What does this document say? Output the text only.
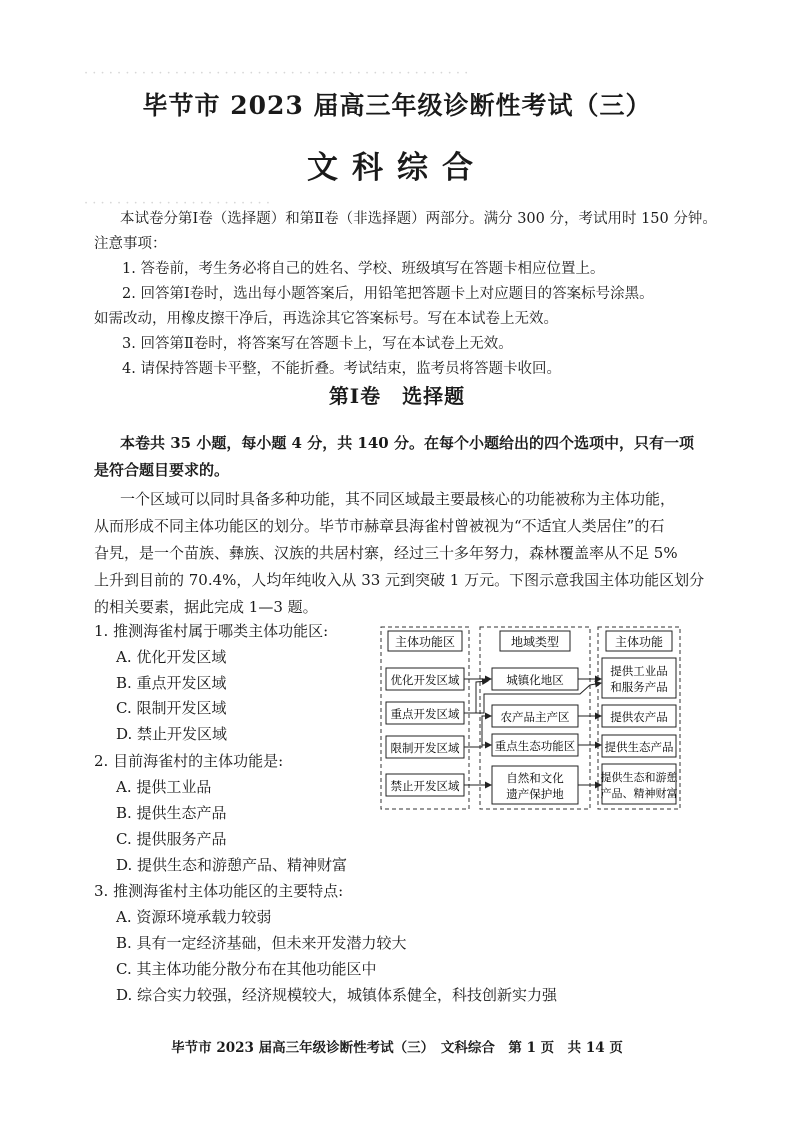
· · · · · · · · · · · · · · · · · · · · · · · · · · · · · · · · · · · · · · · · · · · · · · ·
· · · · · · · · · · · · · · · · · · · · · · ·
毕节市 2023 届高三年级诊断性考试（三）
文科综合
本试卷分第Ⅰ卷（选择题）和第Ⅱ卷（非选择题）两部分。满分 300 分，考试用时 150 分钟。
注意事项：
1. 答卷前，考生务必将自己的姓名、学校、班级填写在答题卡相应位置上。
2. 回答第Ⅰ卷时，选出每小题答案后，用铅笔把答题卡上对应题目的答案标号涂黑。
如需改动，用橡皮擦干净后，再选涂其它答案标号。写在本试卷上无效。
3. 回答第Ⅱ卷时，将答案写在答题卡上，写在本试卷上无效。
4. 请保持答题卡平整，不能折叠。考试结束，监考员将答题卡收回。
第Ⅰ卷　选择题
本卷共 35 小题，每小题 4 分，共 140 分。在每个小题给出的四个选项中，只有一项
是符合题目要求的。
一个区域可以同时具备多种功能，其不同区域最主要最核心的功能被称为主体功能，
从而形成不同主体功能区的划分。毕节市赫章县海雀村曾被视为“不适宜人类居住”的石
旮旯，是一个苗族、彝族、汉族的共居村寨，经过三十多年努力，森林覆盖率从不足 5%
上升到目前的 70.4%，人均年纯收入从 33 元到突破 1 万元。下图示意我国主体功能区划分
的相关要素，据此完成 1—3 题。
1. 推测海雀村属于哪类主体功能区:
A. 优化开发区域
B. 重点开发区域
C. 限制开发区域
D. 禁止开发区域
2. 目前海雀村的主体功能是:
A. 提供工业品
B. 提供生态产品
C. 提供服务产品
D. 提供生态和游憩产品、精神财富
3. 推测海雀村主体功能区的主要特点:
A. 资源环境承载力较弱
B. 具有一定经济基础，但未来开发潜力较大
C. 其主体功能分散分布在其他功能区中
D. 综合实力较强，经济规模较大，城镇体系健全，科技创新实力强
主体功能区	地域类型	主体功能
优化开发区域
重点开发区域
限制开发区域
禁止开发区域
城镇化地区
农产品主产区
重点生态功能区
自然和文化
遗产保护地
提供工业品
和服务产品
提供农产品
提供生态产品
提供生态和游憩
产品、精神财富
毕节市 2023 届高三年级诊断性考试（三）　文科综合　第 1 页　共 14 页
